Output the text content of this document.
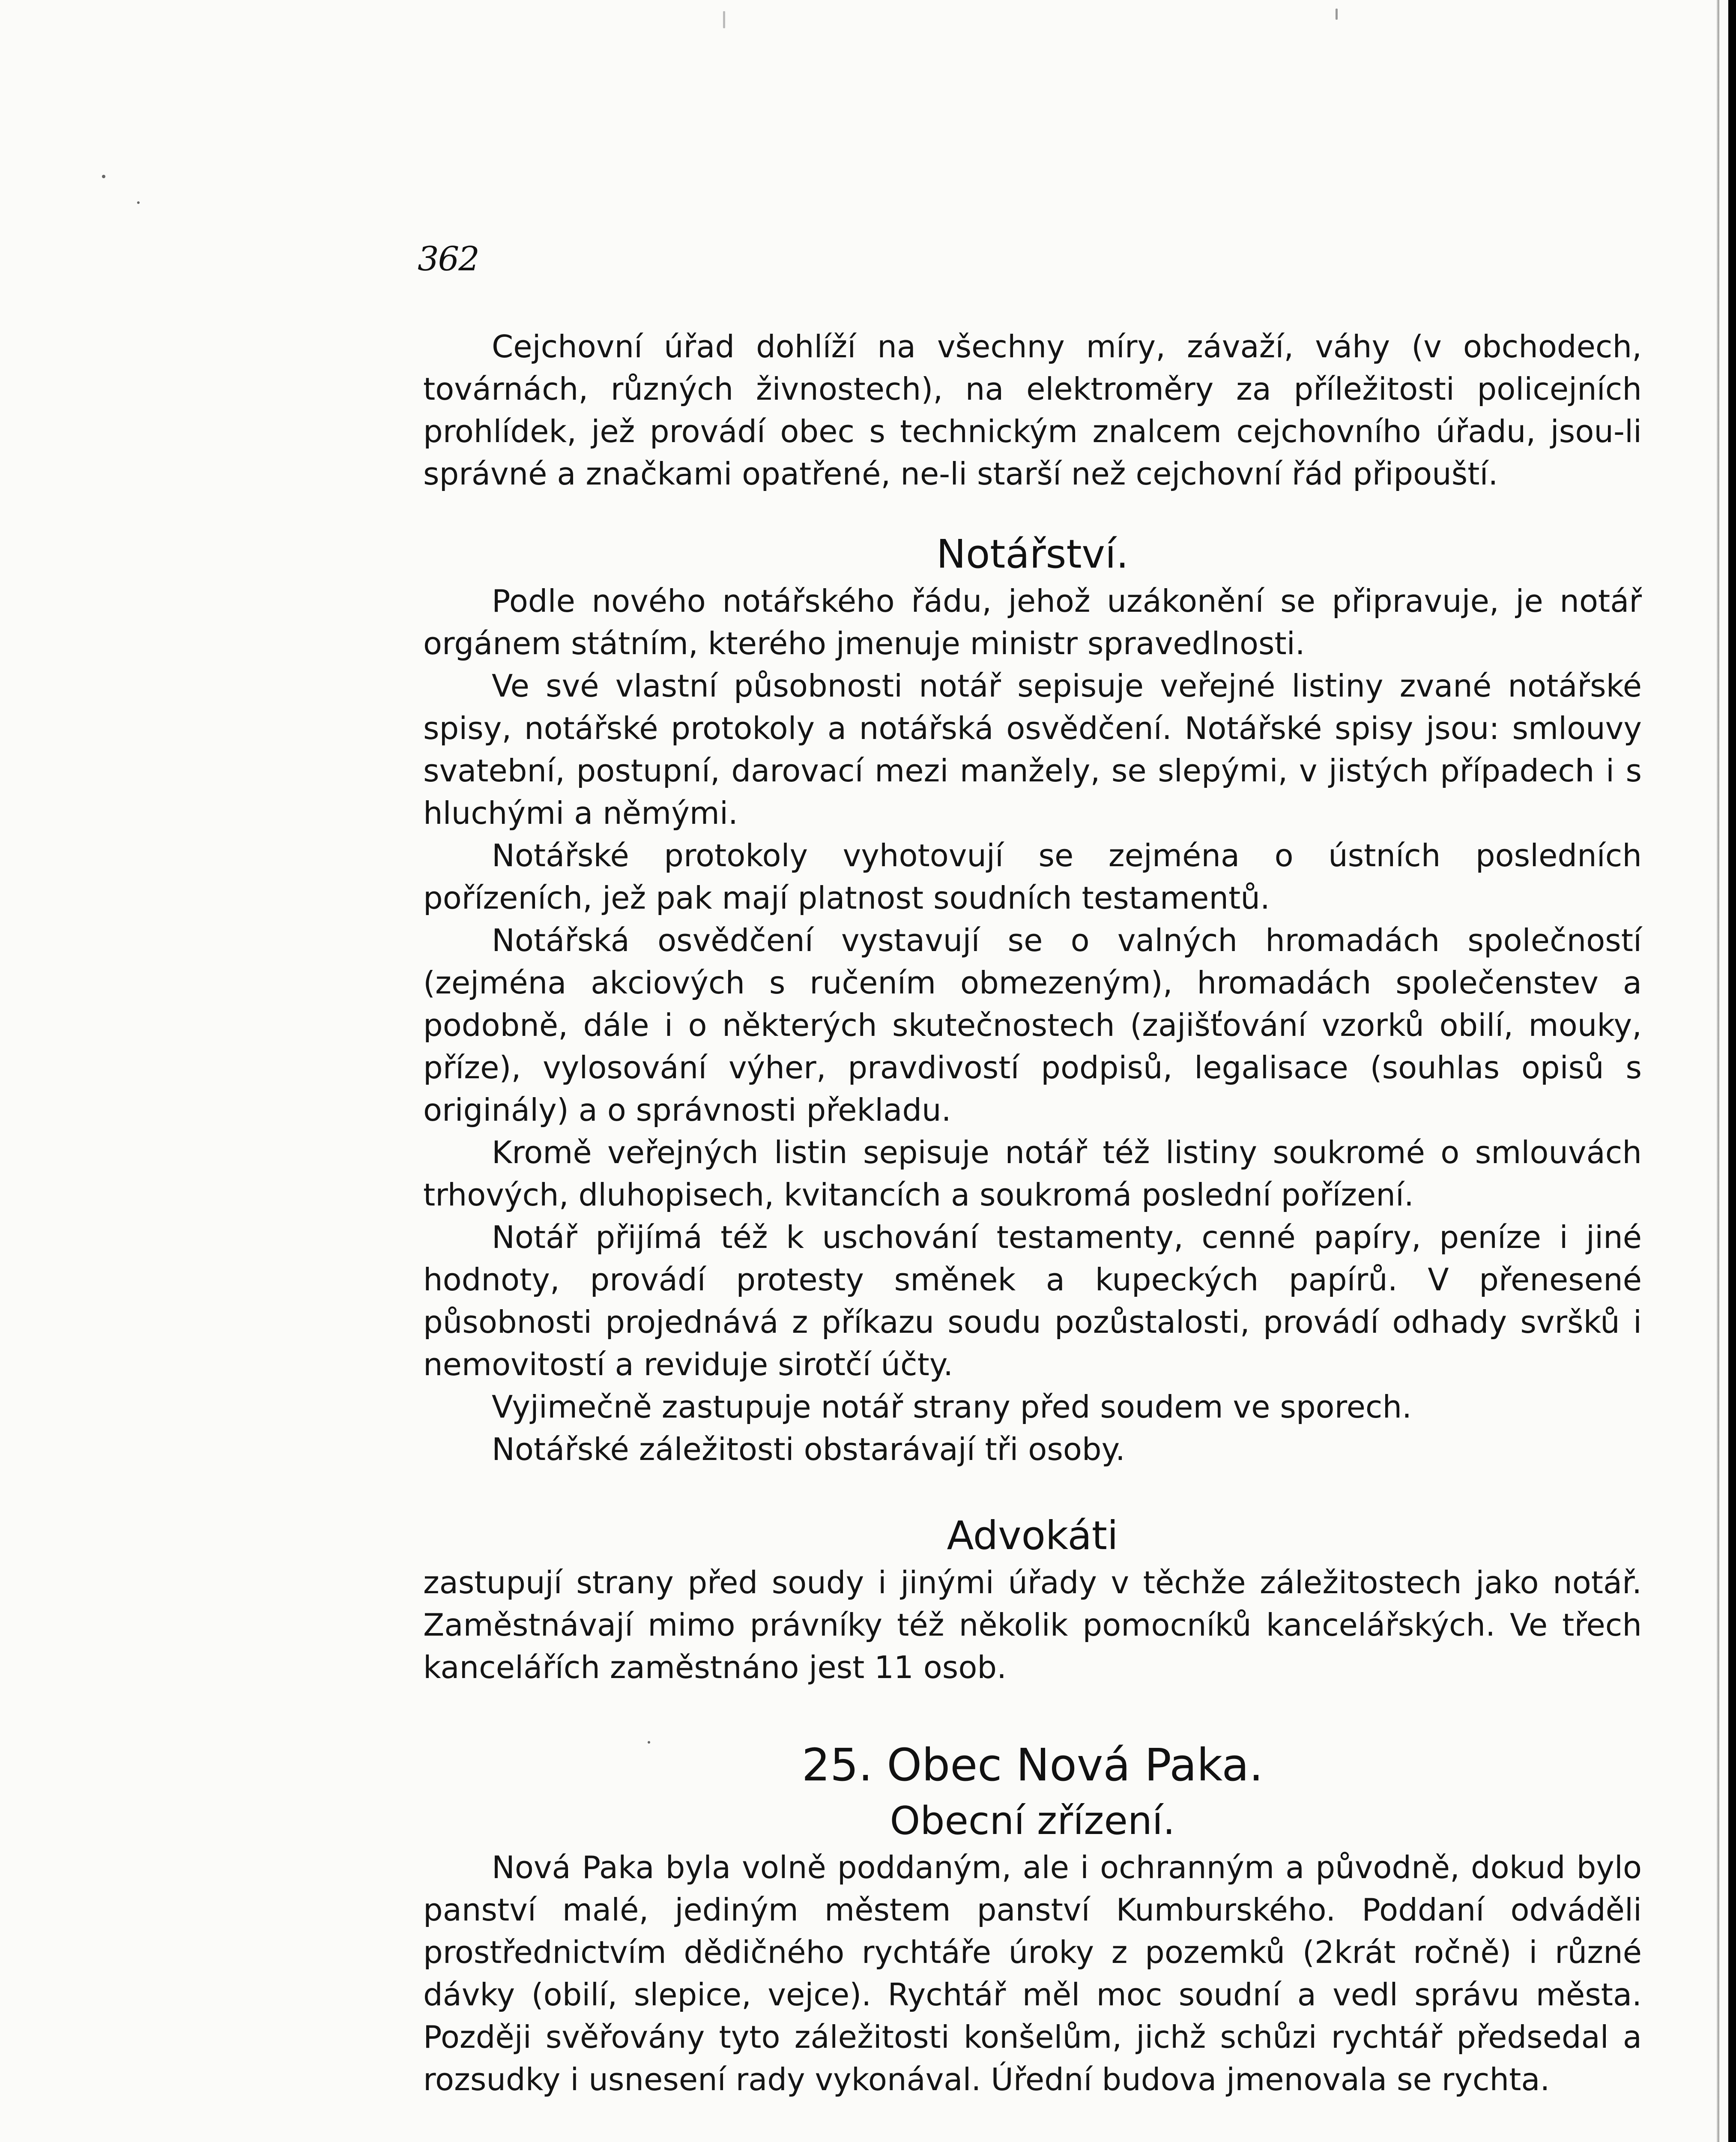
362

Cejchovní úřad dohlíží na všechny míry, závaží, váhy (v obchodech, továrnách, různých živnostech), na elektroměry za příležitosti policejních prohlídek, jež provádí obec s technickým znalcem cejchovního úřadu, jsou-li správné a značkami opatřené, ne-li starší než cejchovní řád připouští.

Notářství.

Podle nového notářského řádu, jehož uzákonění se připravuje, je notář orgánem státním, kterého jmenuje ministr spravedlnosti.

Ve své vlastní působnosti notář sepisuje veřejné listiny zvané notářské spisy, notářské protokoly a notářská osvědčení. Notářské spisy jsou: smlouvy svatební, postupní, darovací mezi manžely, se slepými, v jistých případech i s hluchými a němými.

Notářské protokoly vyhotovují se zejména o ústních posledních pořízeních, jež pak mají platnost soudních testamentů.

Notářská osvědčení vystavují se o valných hromadách společností (zejména akciových s ručením obmezeným), hromadách společenstev a podobně, dále i o některých skutečnostech (zajišťování vzorků obilí, mouky, příze), vylosování výher, pravdivostí podpisů, legalisace (souhlas opisů s originály) a o správnosti překladu.

Kromě veřejných listin sepisuje notář též listiny soukromé o smlouvách trhových, dluhopisech, kvitancích a soukromá poslední pořízení.

Notář přijímá též k uschování testamenty, cenné papíry, peníze i jiné hodnoty, provádí protesty směnek a kupeckých papírů. V přenesené působnosti projednává z příkazu soudu pozůstalosti, provádí odhady svršků i nemovitostí a reviduje sirotčí účty.

Vyjimečně zastupuje notář strany před soudem ve sporech.

Notářské záležitosti obstarávají tři osoby.

Advokáti

zastupují strany před soudy i jinými úřady v těchže záležitostech jako notář. Zaměstnávají mimo právníky též několik pomocníků kancelářských. Ve třech kancelářích zaměstnáno jest 11 osob.

25. Obec Nová Paka.
Obecní zřízení.

Nová Paka byla volně poddaným, ale i ochranným a původně, dokud bylo panství malé, jediným městem panství Kumburského. Poddaní odváděli prostřednictvím dědičného rychtáře úroky z pozemků (2krát ročně) i různé dávky (obilí, slepice, vejce). Rychtář měl moc soudní a vedl správu města. Později svěřovány tyto záležitosti konšelům, jichž schůzi rychtář předsedal a rozsudky i usnesení rady vykonával. Úřední budova jmenovala se rychta.
